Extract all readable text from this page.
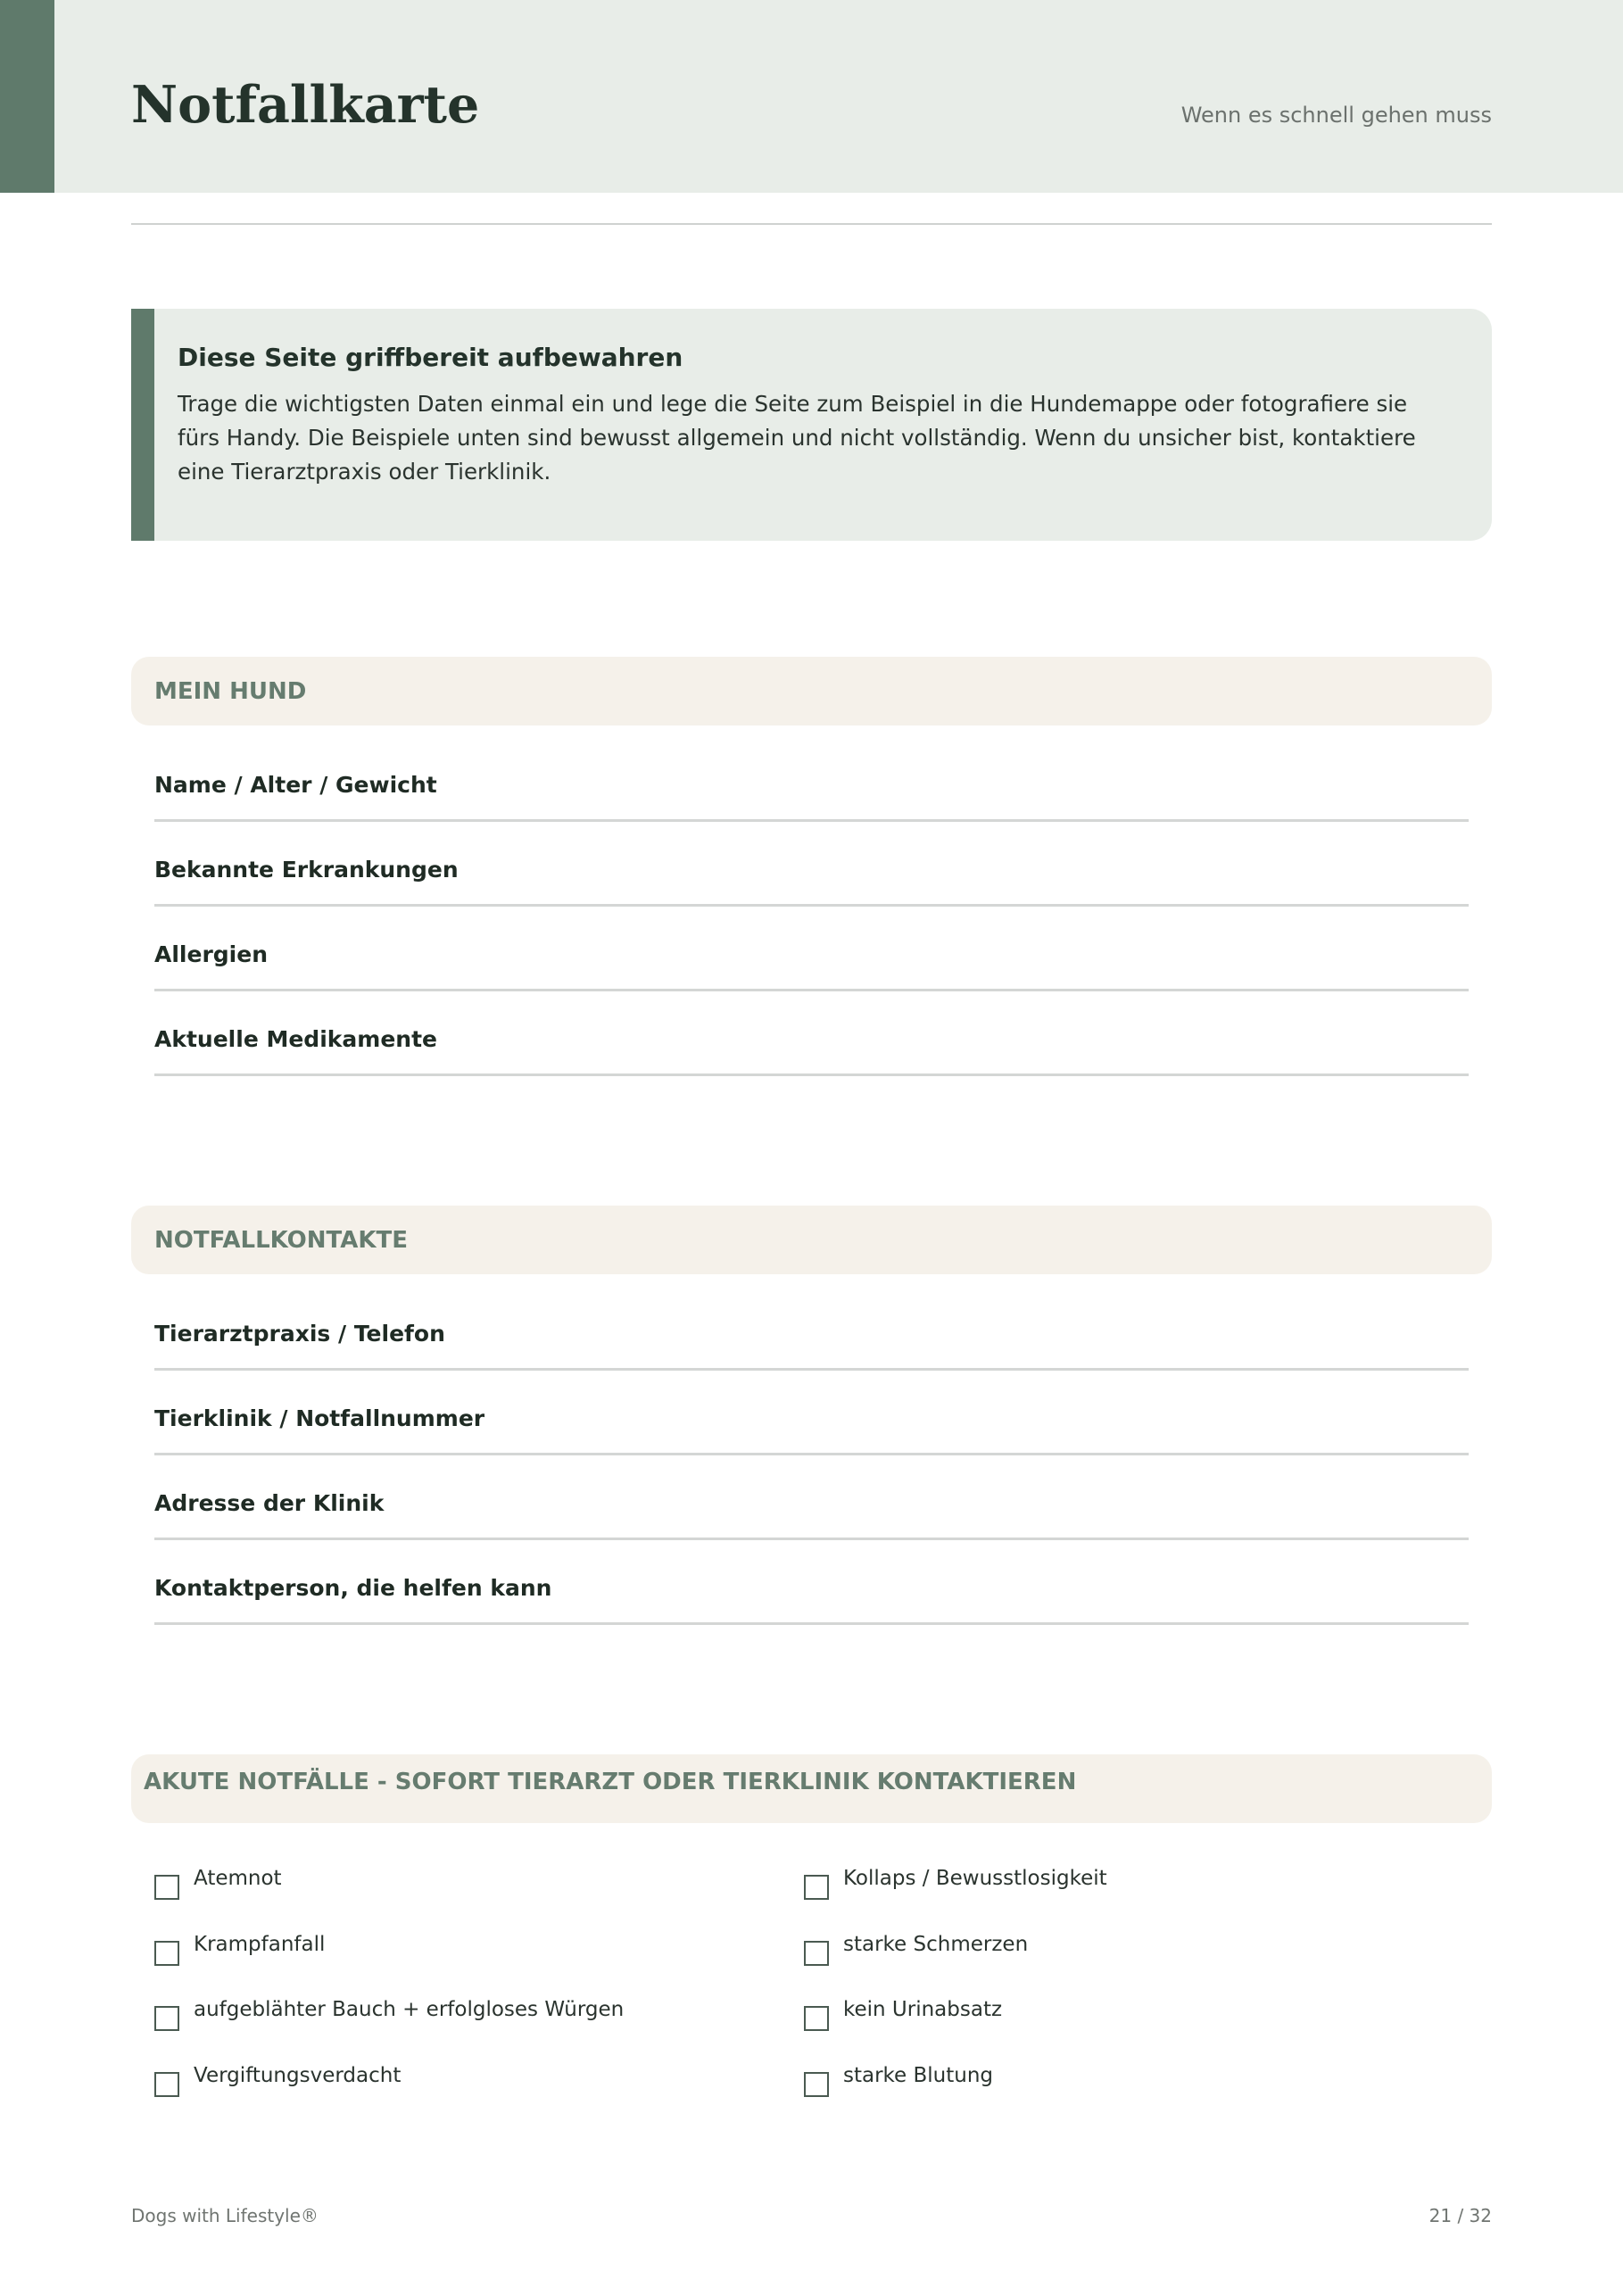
Notfallkarte	Wenn es schnell gehen muss
Diese Seite griffbereit aufbewahren
Trage die wichtigsten Daten einmal ein und lege die Seite zum Beispiel in die Hundemappe oder fotografiere sie fürs Handy. Die Beispiele unten sind bewusst allgemein und nicht vollständig. Wenn du unsicher bist, kontaktiere eine Tierarztpraxis oder Tierklinik.
MEIN HUND
Name / Alter / Gewicht
Bekannte Erkrankungen
Allergien
Aktuelle Medikamente
NOTFALLKONTAKTE
Tierarztpraxis / Telefon
Tierklinik / Notfallnummer
Adresse der Klinik
Kontaktperson, die helfen kann
AKUTE NOTFÄLLE - SOFORT TIERARZT ODER TIERKLINIK KONTAKTIEREN
Atemnot
Krampfanfall
aufgeblähter Bauch + erfolgloses Würgen
Vergiftungsverdacht
Kollaps / Bewusstlosigkeit
starke Schmerzen
kein Urinabsatz
starke Blutung
Dogs with Lifestyle®	21 / 32
